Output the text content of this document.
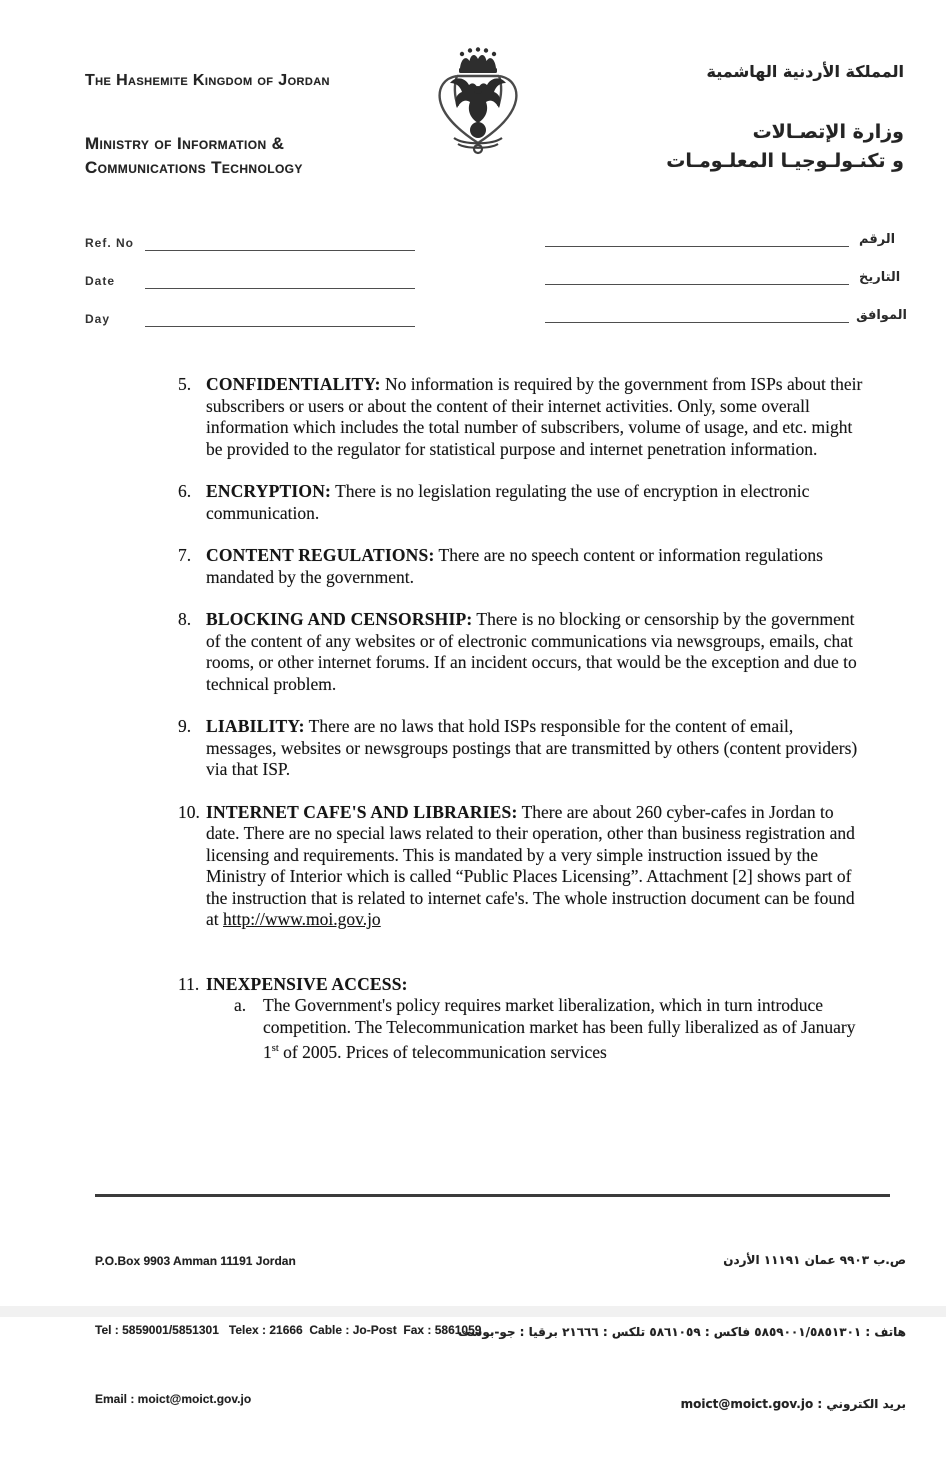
The Hashemite Kingdom of Jordan
Ministry of Information &
Communications Technology
المملكة الأردنية الهاشمية
وزارة الإتصـالات
و تكنـولـوجيـا المعلـومـات
Ref. No
Date
Day
الرقم
التاريخ
الموافق
5. CONFIDENTIALITY: No information is required by the government from ISPs about their subscribers or users or about the content of their internet activities. Only, some overall information which includes the total number of subscribers, volume of usage, and etc. might be provided to the regulator for statistical purpose and internet penetration information.
6. ENCRYPTION: There is no legislation regulating the use of encryption in electronic communication.
7. CONTENT REGULATIONS: There are no speech content or information regulations mandated by the government.
8. BLOCKING AND CENSORSHIP: There is no blocking or censorship by the government of the content of any websites or of electronic communications via newsgroups, emails, chat rooms, or other internet forums. If an incident occurs, that would be the exception and due to technical problem.
9. LIABILITY: There are no laws that hold ISPs responsible for the content of email, messages, websites or newsgroups postings that are transmitted by others (content providers) via that ISP.
10. INTERNET CAFE'S AND LIBRARIES: There are about 260 cyber-cafes in Jordan to date. There are no special laws related to their operation, other than business registration and licensing and requirements. This is mandated by a very simple instruction issued by the Ministry of Interior which is called “Public Places Licensing”. Attachment [2] shows part of the instruction that is related to internet cafe's. The whole instruction document can be found at http://www.moi.gov.jo
11. INEXPENSIVE ACCESS:
a. The Government's policy requires market liberalization, which in turn introduce competition. The Telecommunication market has been fully liberalized as of January 1st of 2005. Prices of telecommunication services

P.O.Box 9903 Amman 11191 Jordan

Tel : 5859001/5851301   Telex : 21666  Cable : Jo-Post  Fax : 5861059

Email : moict@moict.gov.jo

ص.ب ٩٩٠٣ عمان ١١١٩١ الأردن

هاتف : ٥٨٥٩٠٠١/٥٨٥١٣٠١ فاكس : ٥٨٦١٠٥٩ تلكس : ٢١٦٦٦ برقيا : جو-بوست

بريد الكتروني : moict@moict.gov.jo
